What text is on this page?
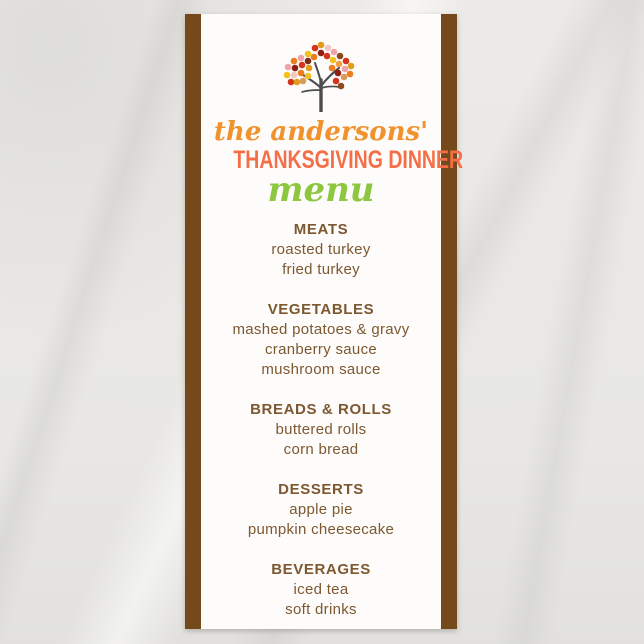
the andersons'

THANKSGIVING DINNER

menu

MEATS

roasted turkey

fried turkey

VEGETABLES

mashed potatoes & gravy

cranberry sauce

mushroom sauce

BREADS & ROLLS

buttered rolls

corn bread

DESSERTS

apple pie

pumpkin cheesecake

BEVERAGES

iced tea

soft drinks
